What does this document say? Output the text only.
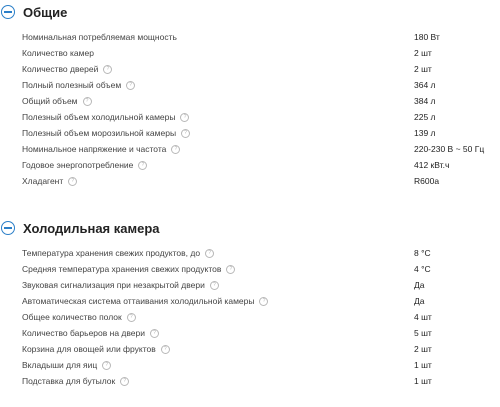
Общие
Номинальная потребляемая мощность	180 Вт
Количество камер	2 шт
Количество дверей	?	2 шт
Полный полезный объем	?	364 л
Общий объем	?	384 л
Полезный объем холодильной камеры	?	225 л
Полезный объем морозильной камеры	?	139 л
Номинальное напряжение и частота	?	220-230 В ~ 50 Гц
Годовое энергопотребление	?	412 кВт.ч
Хладагент	?	R600a
Холодильная камера
Температура хранения свежих продуктов, до	?	8 °C
Средняя температура хранения свежих продуктов	?	4 °C
Звуковая сигнализация при незакрытой двери	?	Да
Автоматическая система оттаивания холодильной камеры	?	Да
Общее количество полок	?	4 шт
Количество барьеров на двери	?	5 шт
Корзина для овощей или фруктов	?	2 шт
Вкладыши для яиц	?	1 шт
Подставка для бутылок	?	1 шт
